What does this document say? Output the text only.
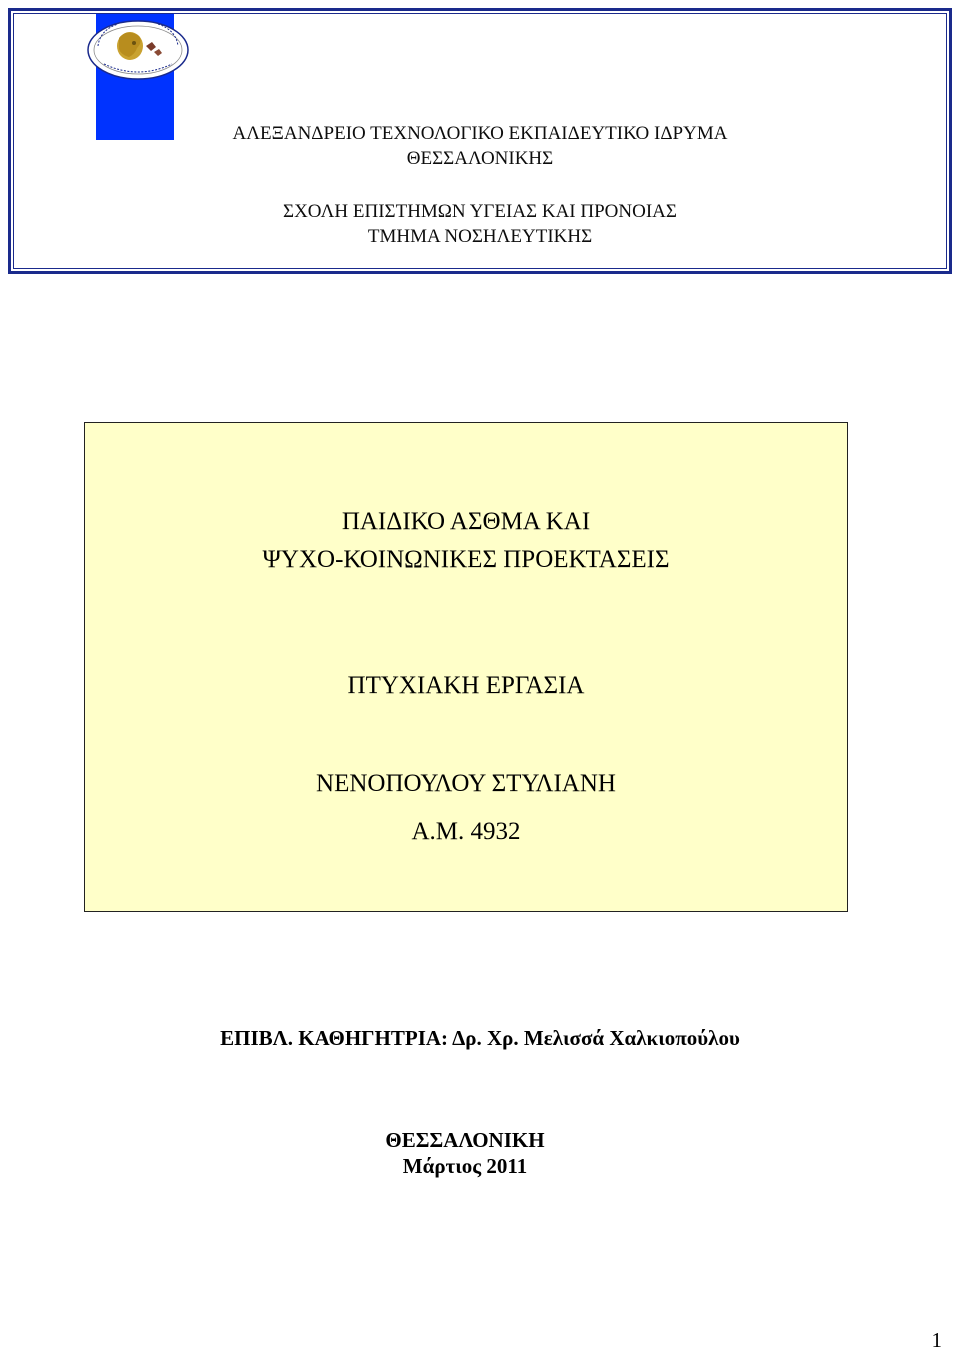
ΑΛΕΞΑΝΔΡΕΙΟ ΤΕΧΝΟΛΟΓΙΚΟ ΕΚΠΑΙΔΕΥΤΙΚΟ ΙΔΡΥΜΑ
ΘΕΣΣΑΛΟΝΙΚΗΣ
ΣΧΟΛΗ ΕΠΙΣΤΗΜΩΝ ΥΓΕΙΑΣ ΚΑΙ ΠΡΟΝΟΙΑΣ
ΤΜΗΜΑ ΝΟΣΗΛΕΥΤΙΚΗΣ
ΠΑΙΔΙΚΟ ΑΣΘΜΑ ΚΑΙ
ΨΥΧΟ-ΚΟΙΝΩΝΙΚΕΣ ΠΡΟΕΚΤΑΣΕΙΣ
ΠΤΥΧΙΑΚΗ ΕΡΓΑΣΙΑ
ΝΕΝΟΠΟΥΛΟΥ ΣΤΥΛΙΑΝΗ
Α.Μ. 4932
ΕΠΙΒΛ. ΚΑΘΗΓΗΤΡΙΑ: Δρ. Χρ. Μελισσά Χαλκιοπούλου
ΘΕΣΣΑΛΟΝΙΚΗ
Μάρτιος 2011
1
